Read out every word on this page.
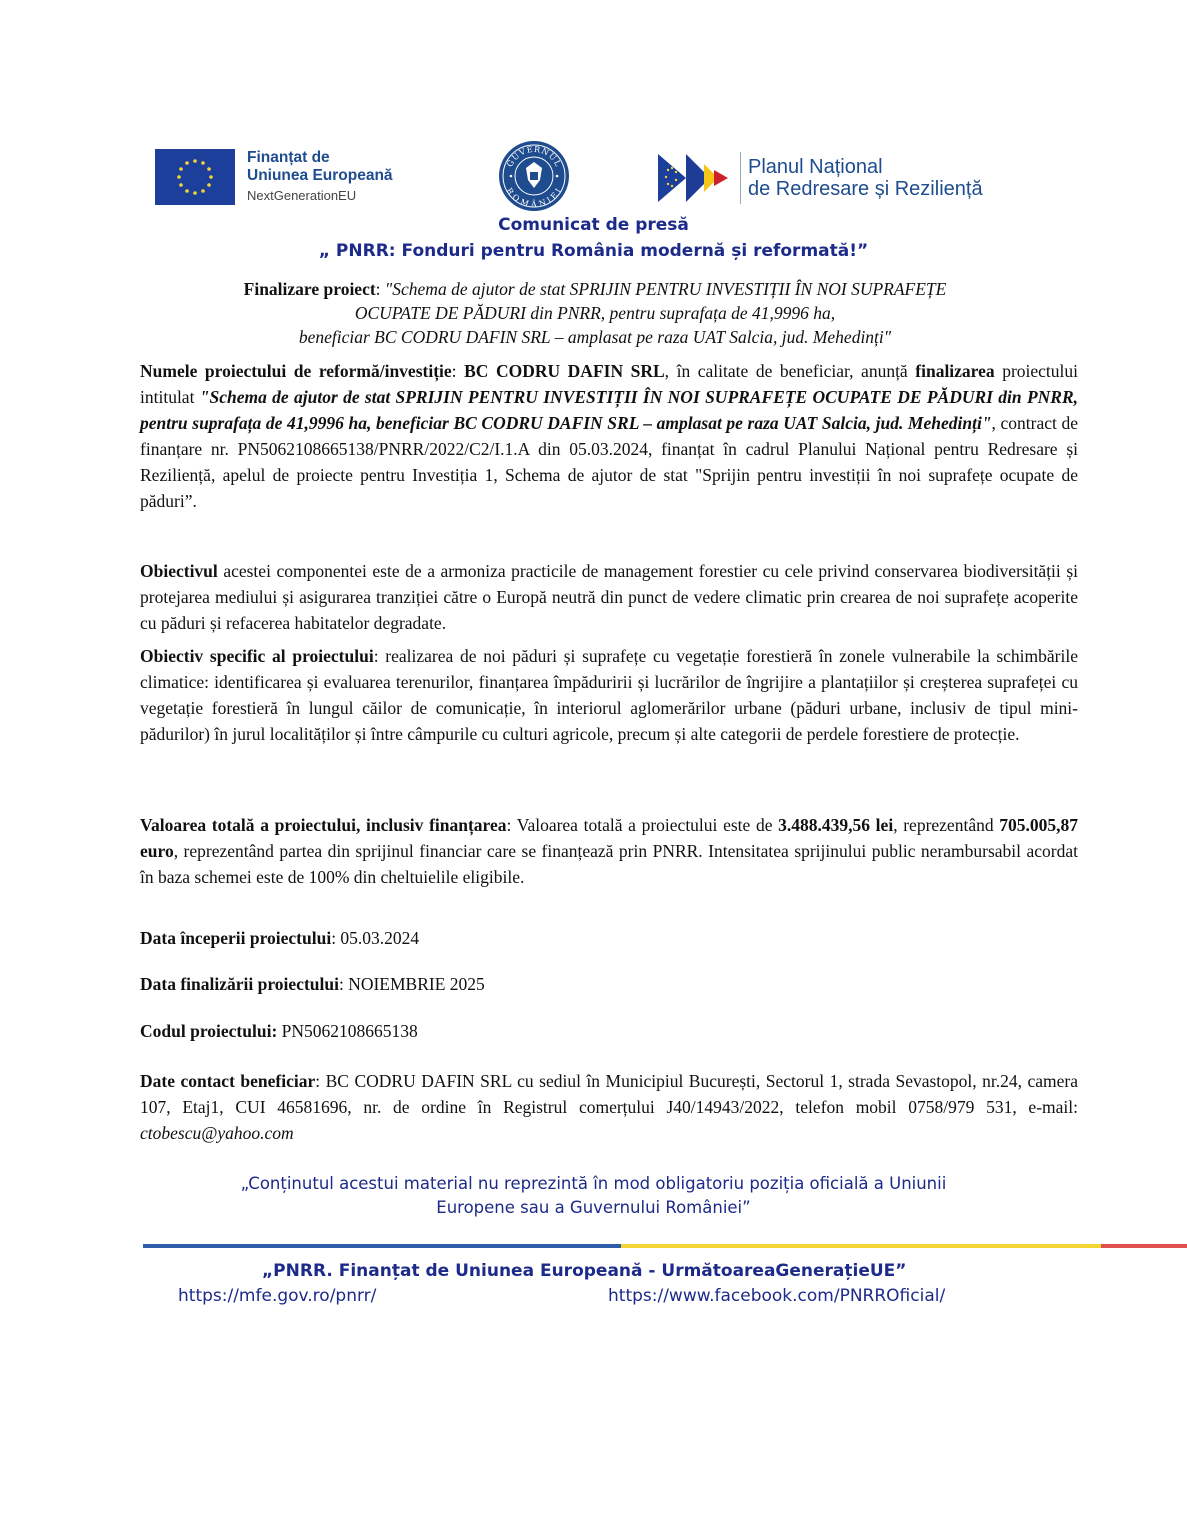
Finanțat de
Uniunea Europeană
NextGenerationEU
GUVERNUL
ROMÂNIEI
Planul Național
de Redresare și Reziliență
Comunicat de presă
„ PNRR: Fonduri pentru România modernă și reformată!”
Finalizare proiect: "Schema de ajutor de stat SPRIJIN PENTRU INVESTIȚII ÎN NOI SUPRAFEȚE
OCUPATE DE PĂDURI din PNRR, pentru suprafața de 41,9996 ha,
beneficiar BC CODRU DAFIN SRL – amplasat pe raza UAT Salcia, jud. Mehedinți"
Numele proiectului de reformă/investiție: BC CODRU DAFIN SRL, în calitate de beneficiar, anunță finalizarea proiectului intitulat "Schema de ajutor de stat SPRIJIN PENTRU INVESTIȚII ÎN NOI SUPRAFEȚE OCUPATE DE PĂDURI din PNRR, pentru suprafața de 41,9996 ha, beneficiar BC CODRU DAFIN SRL – amplasat pe raza UAT Salcia, jud. Mehedinți", contract de finanțare nr. PN5062108665138/PNRR/2022/C2/I.1.A din 05.03.2024, finanțat în cadrul Planului Național pentru Redresare și Reziliență, apelul de proiecte pentru Investiția 1, Schema de ajutor de stat "Sprijin pentru investiții în noi suprafețe ocupate de păduri”.
Obiectivul acestei componentei este de a armoniza practicile de management forestier cu cele privind conservarea biodiversității și protejarea mediului și asigurarea tranziției către o Europă neutră din punct de vedere climatic prin crearea de noi suprafețe acoperite cu păduri și refacerea habitatelor degradate.
Obiectiv specific al proiectului: realizarea de noi păduri și suprafețe cu vegetație forestieră în zonele vulnerabile la schimbările climatice: identificarea și evaluarea terenurilor, finanțarea împăduririi și lucrărilor de îngrijire a plantațiilor și creșterea suprafeței cu vegetație forestieră în lungul căilor de comunicație, în interiorul aglomerărilor urbane (păduri urbane, inclusiv de tipul mini-pădurilor) în jurul localităților și între câmpurile cu culturi agricole, precum și alte categorii de perdele forestiere de protecție.
Valoarea totală a proiectului, inclusiv finanțarea: Valoarea totală a proiectului este de 3.488.439,56 lei, reprezentând 705.005,87 euro, reprezentând partea din sprijinul financiar care se finanțează prin PNRR. Intensitatea sprijinului public nerambursabil acordat în baza schemei este de 100% din cheltuielile eligibile.
Data începerii proiectului: 05.03.2024
Data finalizării proiectului: NOIEMBRIE 2025
Codul proiectului: PN5062108665138
Date contact beneficiar: BC CODRU DAFIN SRL cu sediul în Municipiul București, Sectorul 1, strada Sevastopol, nr.24, camera 107, Etaj1, CUI 46581696, nr. de ordine în Registrul comerțului J40/14943/2022, telefon mobil 0758/979 531, e-mail: ctobescu@yahoo.com
„Conținutul acestui material nu reprezintă în mod obligatoriu poziția oficială a Uniunii
Europene sau a Guvernului României”
„PNRR. Finanțat de Uniunea Europeană - UrmătoareaGenerațieUE”
https://mfe.gov.ro/pnrr/	https://www.facebook.com/PNRROficial/
